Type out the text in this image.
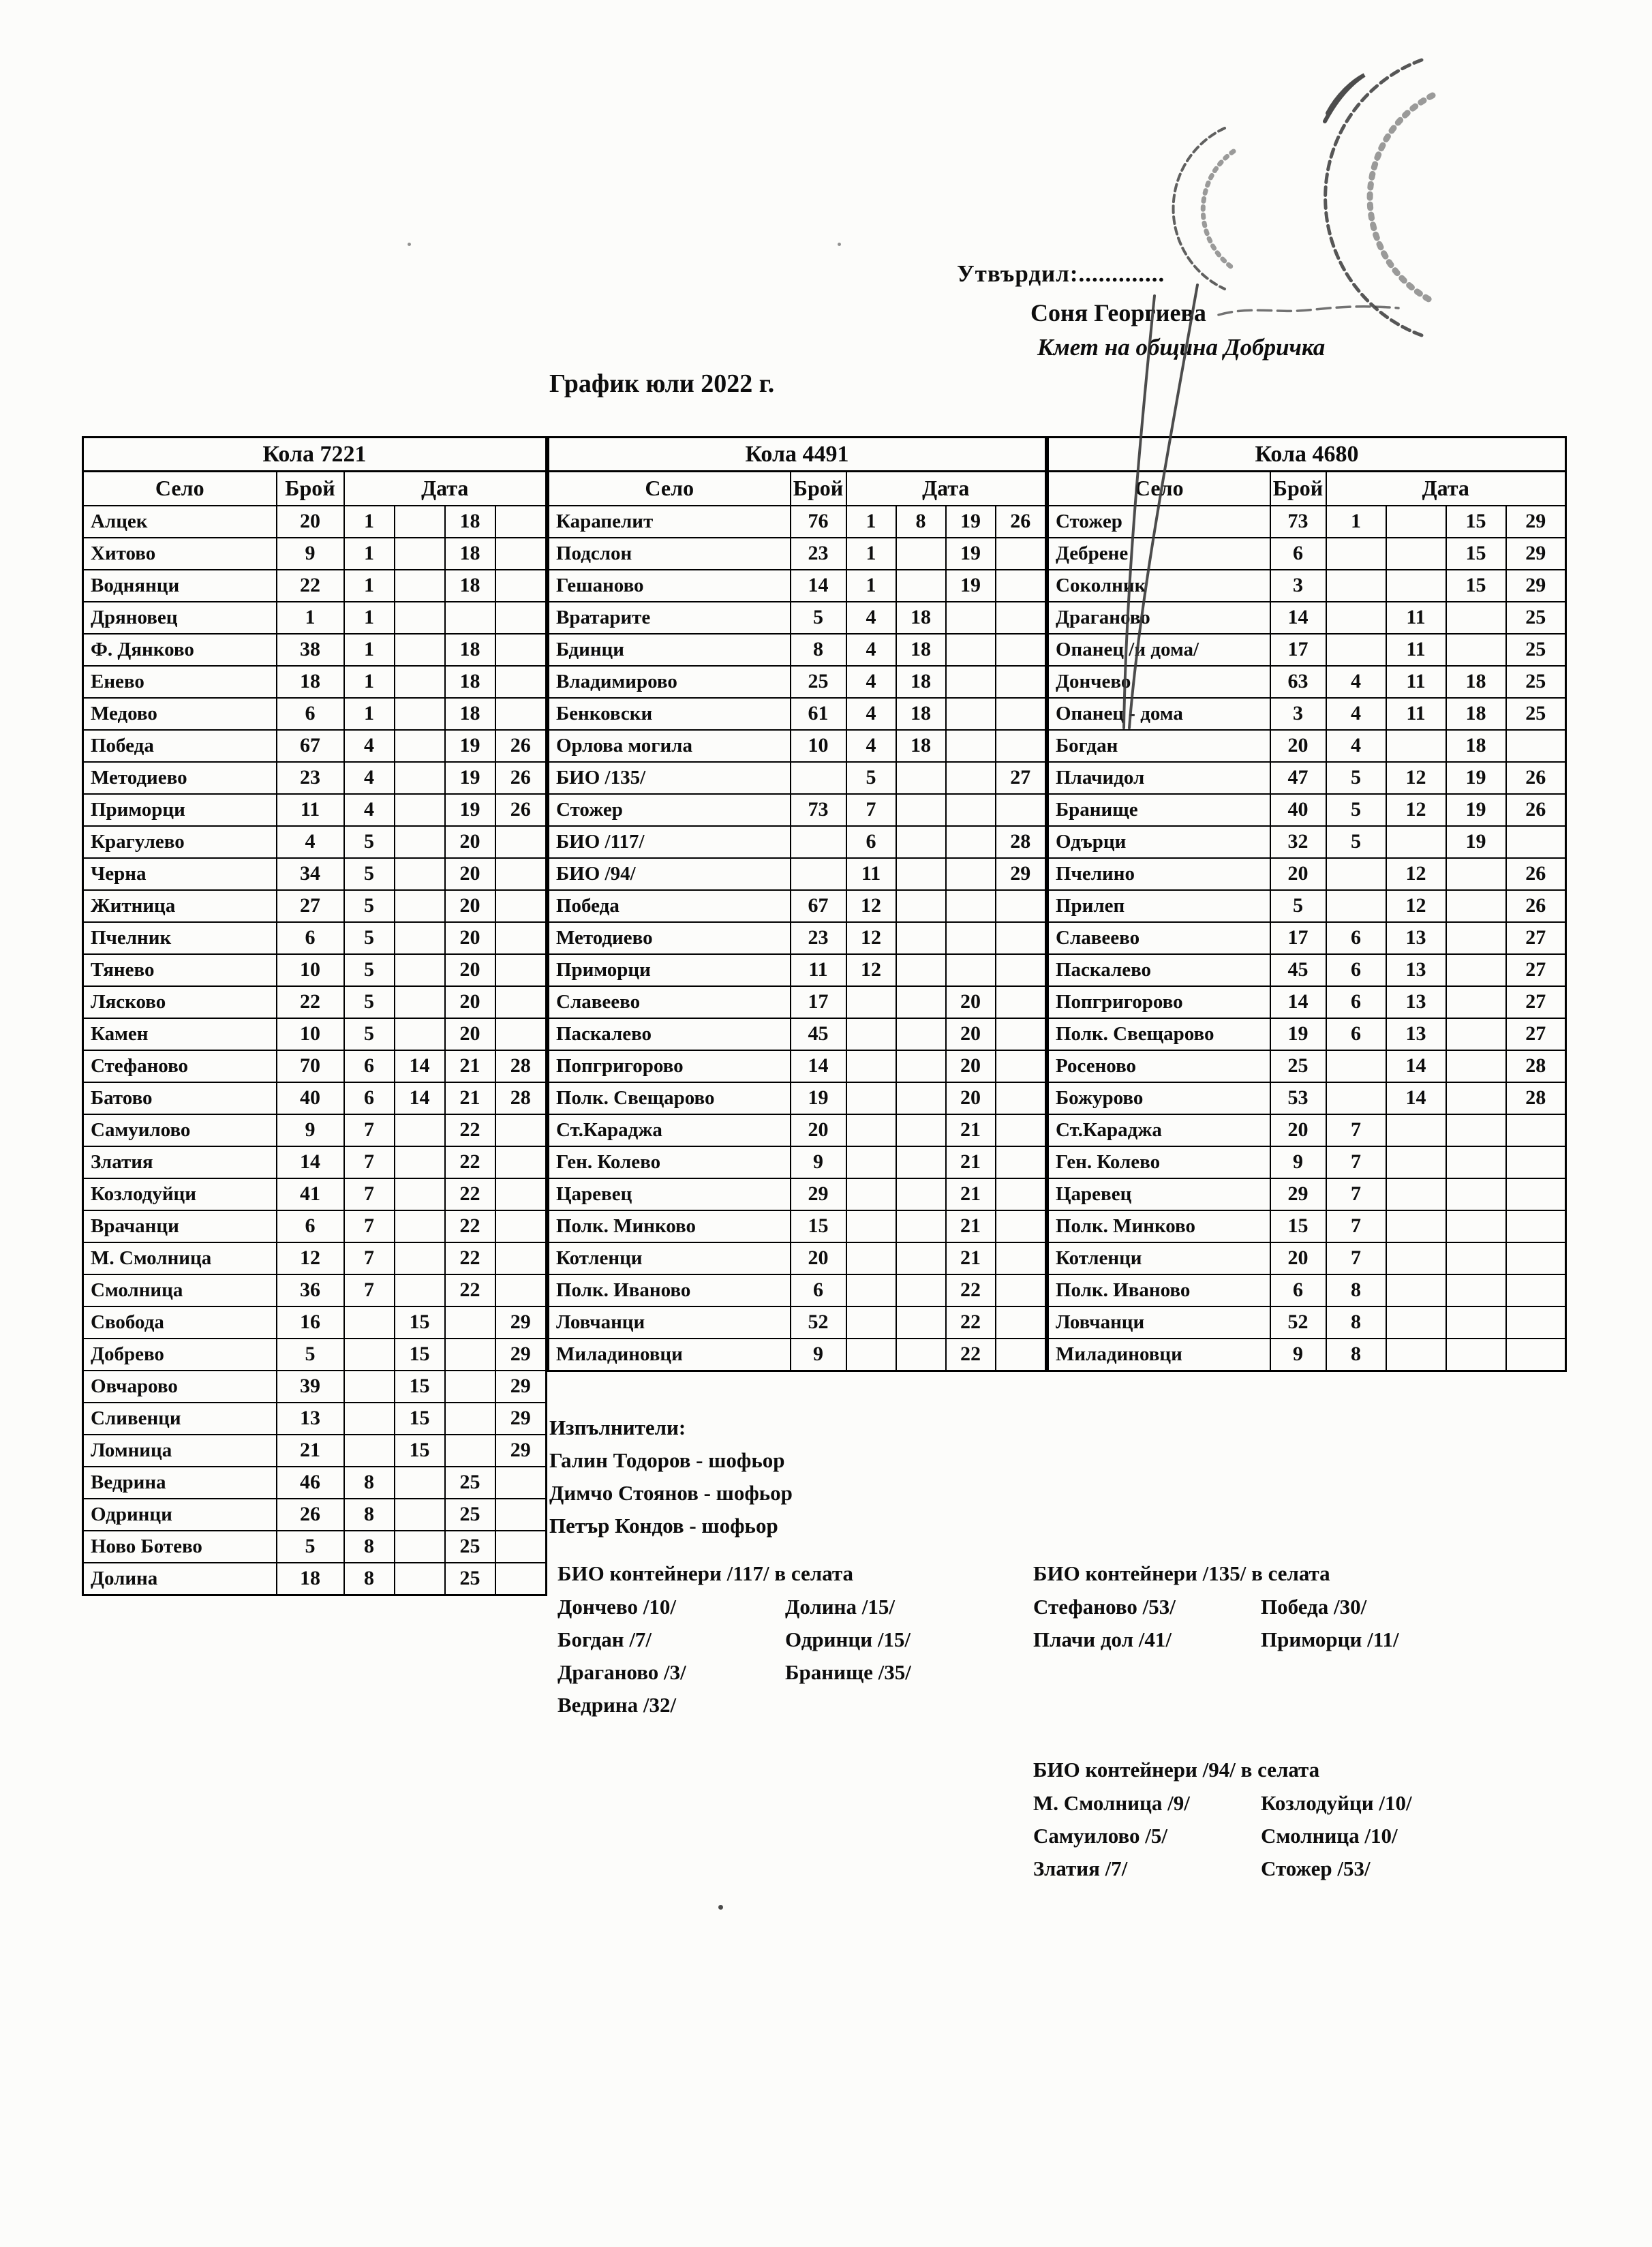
Утвърдил:.............
Соня Георгиева
Кмет на община Добричка
График юли 2022 г.
Кола 7221					
Село	Брой	Дата			
Алцек	20	1		18	
Хитово	9	1		18	
Воднянци	22	1		18	
Дряновец	1	1			
Ф. Дянково	38	1		18	
Енево	18	1		18	
Медово	6	1		18	
Победа	67	4		19	26
Методиево	23	4		19	26
Приморци	11	4		19	26
Крагулево	4	5		20	
Черна	34	5		20	
Житница	27	5		20	
Пчелник	6	5		20	
Тянево	10	5		20	
Лясково	22	5		20	
Камен	10	5		20	
Стефаново	70	6	14	21	28
Батово	40	6	14	21	28
Самуилово	9	7		22	
Златия	14	7		22	
Козлодуйци	41	7		22	
Врачанци	6	7		22	
М. Смолница	12	7		22	
Смолница	36	7		22	
Свобода	16		15		29
Добрево	5		15		29
Овчарово	39		15		29
Сливенци	13		15		29
Ломница	21		15		29
Ведрина	46	8		25	
Одринци	26	8		25	
Ново Ботево	5	8		25	
Долина	18	8		25	
Кола 4491					
Село	Брой	Дата			
Карапелит	76	1	8	19	26
Подслон	23	1		19	
Гешаново	14	1		19	
Вратарите	5	4	18		
Бдинци	8	4	18		
Владимирово	25	4	18		
Бенковски	61	4	18		
Орлова могила	10	4	18		
БИО /135/		5			27
Стожер	73	7			
БИО /117/		6			28
БИО /94/		11			29
Победа	67	12			
Методиево	23	12			
Приморци	11	12			
Славеево	17			20	
Паскалево	45			20	
Попгригорово	14			20	
Полк. Свещарово	19			20	
Ст.Караджа	20			21	
Ген. Колево	9			21	
Царевец	29			21	
Полк. Минково	15			21	
Котленци	20			21	
Полк. Иваново	6			22	
Ловчанци	52			22	
Миладиновци	9			22	
Кола 4680					
Село	Брой	Дата			
Стожер	73	1		15	29
Дебрене	6			15	29
Соколник	3			15	29
Драганово	14		11		25
Опанец /и дома/	17		11		25
Дончево	63	4	11	18	25
Опанец - дома	3	4	11	18	25
Богдан	20	4		18	
Плачидол	47	5	12	19	26
Бранище	40	5	12	19	26
Одърци	32	5		19	
Пчелино	20		12		26
Прилеп	5		12		26
Славеево	17	6	13		27
Паскалево	45	6	13		27
Попгригорово	14	6	13		27
Полк. Свещарово	19	6	13		27
Росеново	25		14		28
Божурово	53		14		28
Ст.Караджа	20	7			
Ген. Колево	9	7			
Царевец	29	7			
Полк. Минково	15	7			
Котленци	20	7			
Полк. Иваново	6	8			
Ловчанци	52	8			
Миладиновци	9	8			
Изпълнители:
Галин Тодоров - шофьор
Димчо Стоянов - шофьор
Петър Кондов - шофьор
БИО контейнери /117/ в селата
Дончево /10/
Богдан /7/
Драганово /3/
Ведрина /32/
Долина /15/
Одринци /15/
Бранище /35/
БИО контейнери /135/ в селата
Стефаново /53/
Плачи дол /41/
Победа /30/
Приморци /11/
БИО контейнери /94/ в селата
М. Смолница /9/
Самуилово /5/
Златия /7/
Козлодуйци /10/
Смолница /10/
Стожер /53/
